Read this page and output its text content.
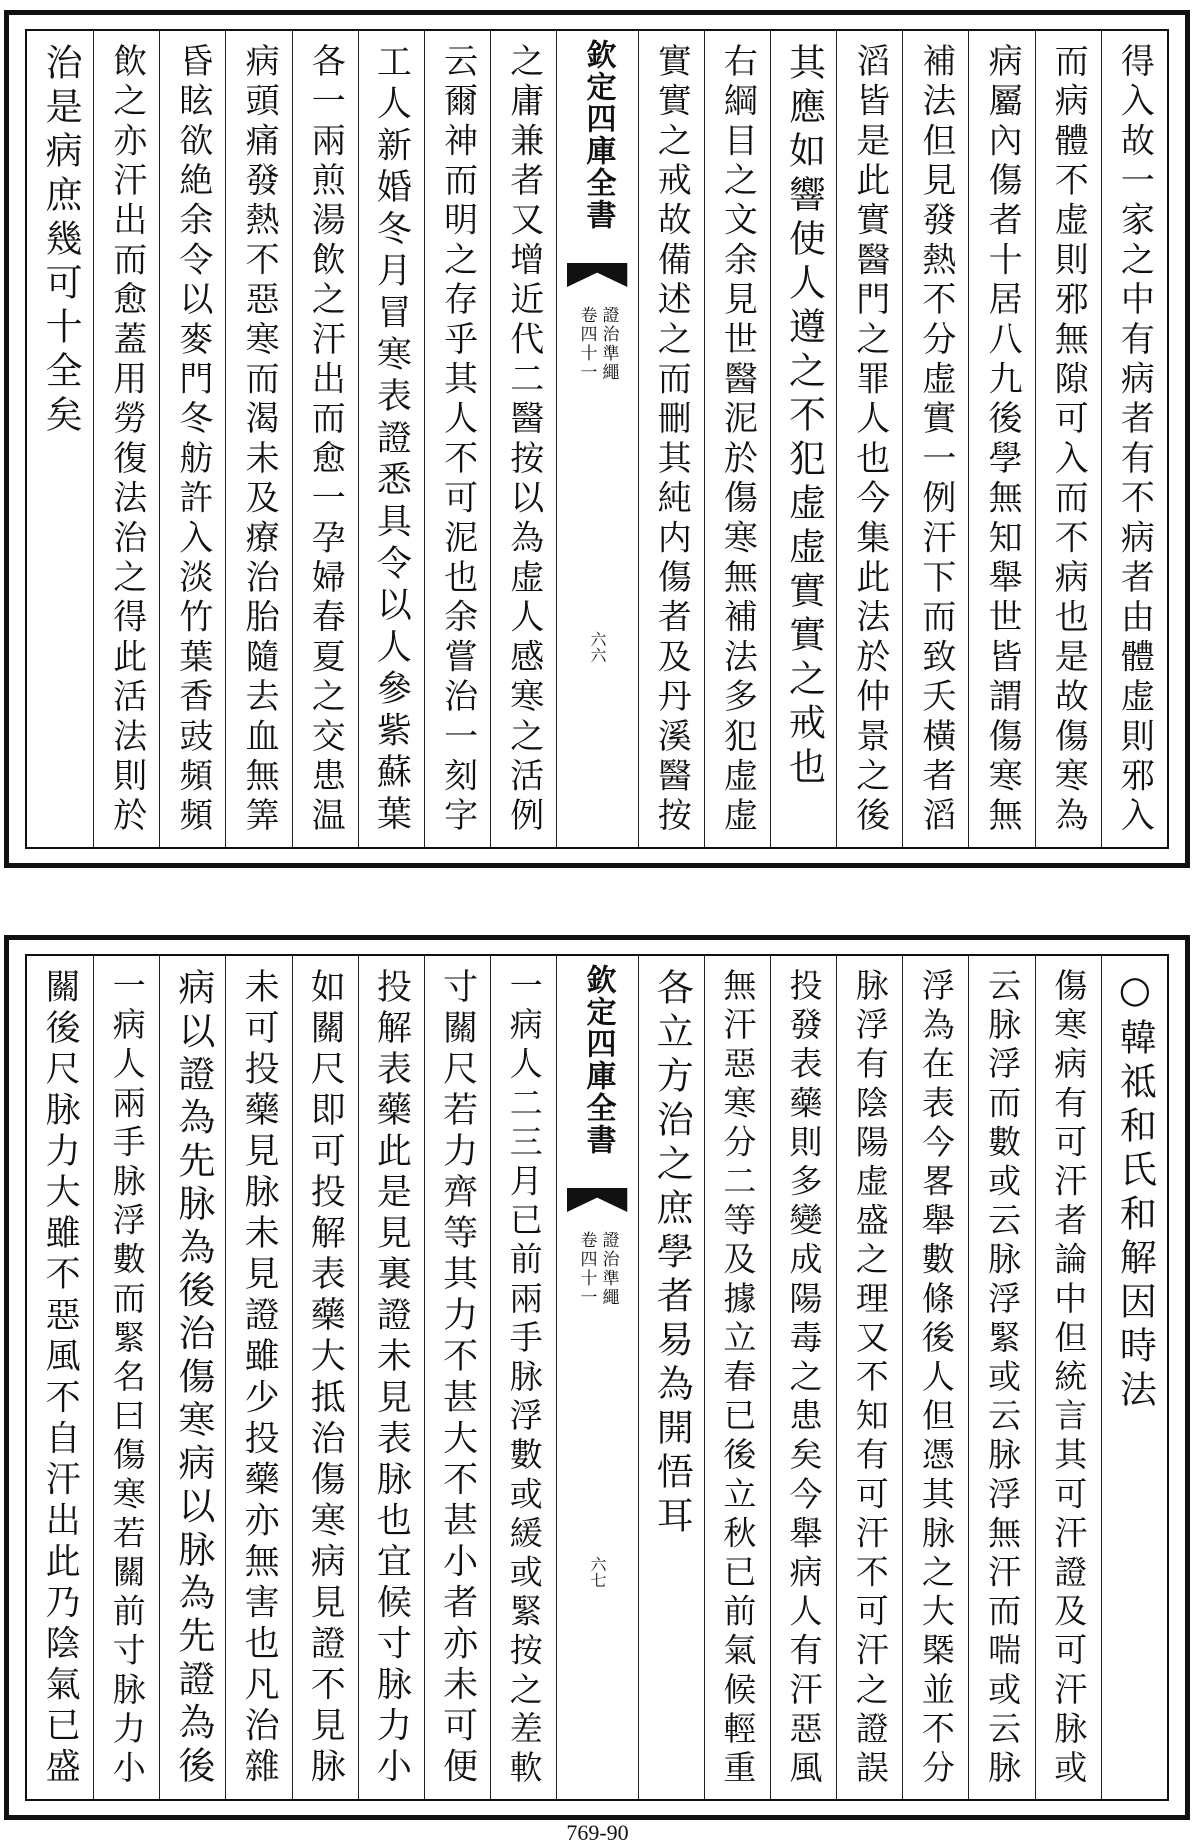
得入故一家之中有病者有不病者由體虚則邪入
而病體不虚則邪無隙可入而不病也是故傷寒為
病屬內傷者十居八九後學無知舉世皆謂傷寒無
補法但見發熱不分虚實一例汗下而致夭橫者滔
滔皆是此實醫門之罪人也今集此法於仲景之後
其應如響使人遵之不犯虚虚實實之戒也
右綱目之文余見世醫泥於傷寒無補法多犯虚虚
實實之戒故備述之而刪其純内傷者及丹溪醫按
欽定四庫全書
證治準繩
卷四十一
六六
之庸兼者又增近代二醫按以為虚人感寒之活例
云爾神而明之存乎其人不可泥也余嘗治一刻字
工人新婚冬月冒寒表證悉具令以人參紫蘇葉
各一兩煎湯飲之汗出而愈一孕婦春夏之交患温
病頭痛發熱不惡寒而渴未及療治胎隨去血無筭
昏眩欲絶余令以麥門冬舫許入淡竹葉香豉頻頻
飲之亦汗出而愈蓋用勞復法治之得此活法則於
治是病庶幾可十全矣
○韓祗和氏和解因時法
傷寒病有可汗者論中但統言其可汗證及可汗脉或
云脉浮而數或云脉浮緊或云脉浮無汗而喘或云脉
浮為在表今畧舉數條後人但憑其脉之大槩並不分
脉浮有陰陽虚盛之理又不知有可汗不可汗之證誤
投發表藥則多變成陽毒之患矣今舉病人有汗惡風
無汗惡寒分二等及據立春已後立秋已前氣候輕重
各立方治之庶學者易為開悟耳
欽定四庫全書
證治準繩
卷四十一
六七
一病人二三月已前兩手脉浮數或緩或緊按之差軟
寸關尺若力齊等其力不甚大不甚小者亦未可便
投解表藥此是見裏證未見表脉也宜候寸脉力小
如關尺即可投解表藥大抵治傷寒病見證不見脉
未可投藥見脉未見證雖少投藥亦無害也凡治雜
病以證為先脉為後治傷寒病以脉為先證為後
一病人兩手脉浮數而緊名曰傷寒若關前寸脉力小
關後尺脉力大雖不惡風不自汗出此乃陰氣已盛
769-90
